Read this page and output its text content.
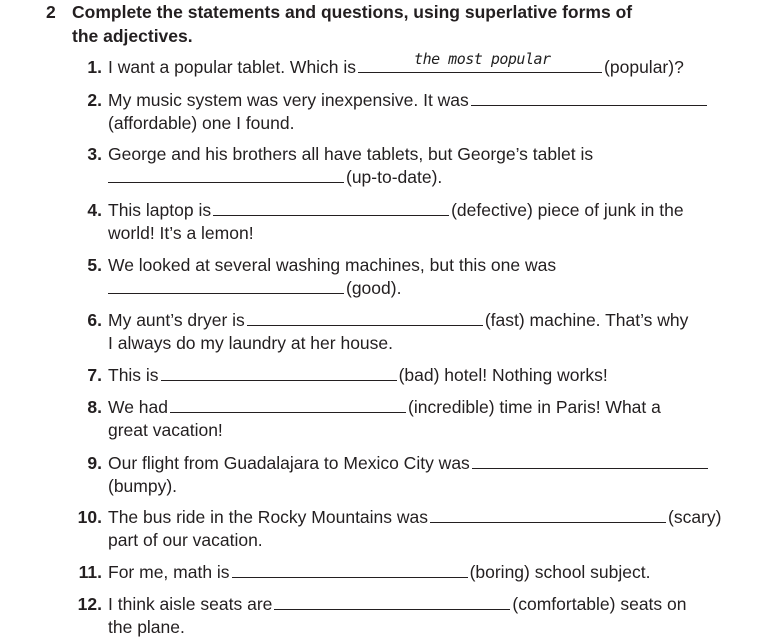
2 Complete the statements and questions, using superlative forms of
the adjectives.
1. I want a popular tablet. Which is	the most popular	(popular)?
2. My music system was very inexpensive. It was
(affordable) one I found.
3. George and his brothers all have tablets, but George’s tablet is
(up-to-date).
4. This laptop is	(defective) piece of junk in the
world! It’s a lemon!
5. We looked at several washing machines, but this one was
(good).
6. My aunt’s dryer is	(fast) machine. That’s why
I always do my laundry at her house.
7. This is	(bad) hotel! Nothing works!
8. We had	(incredible) time in Paris! What a
great vacation!
9. Our flight from Guadalajara to Mexico City was
(bumpy).
10. The bus ride in the Rocky Mountains was	(scary)
part of our vacation.
11. For me, math is	(boring) school subject.
12. I think aisle seats are	(comfortable) seats on
the plane.
